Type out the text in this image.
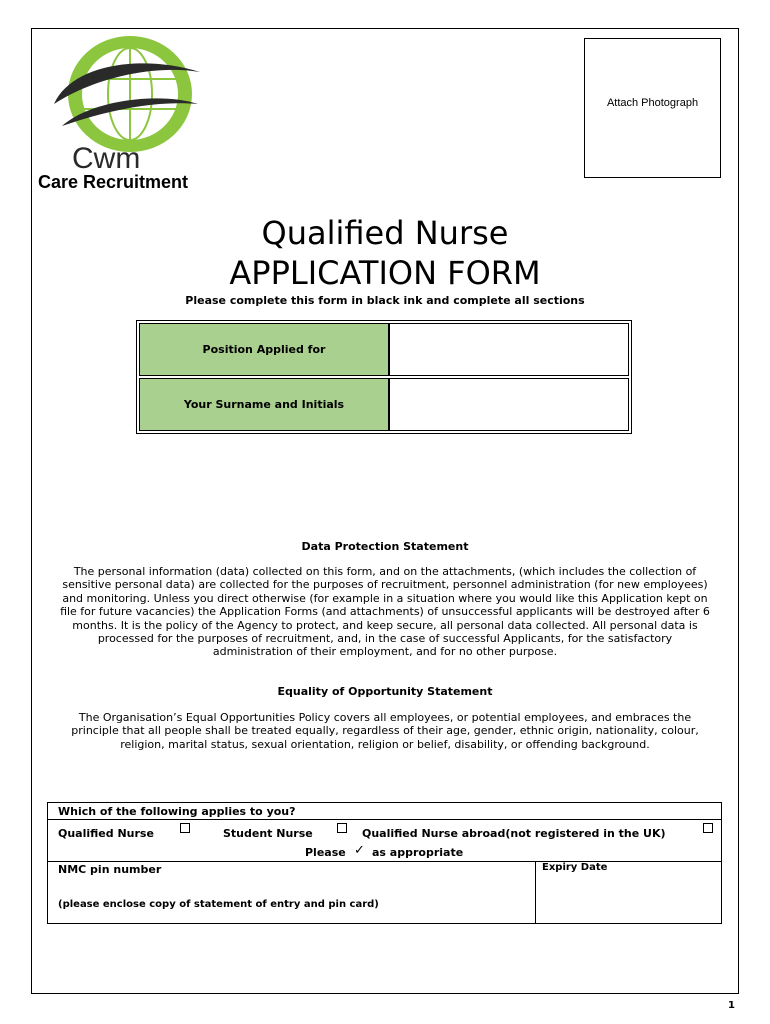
Cwm
Care Recruitment
Attach Photograph
Qualified Nurse
APPLICATION FORM
Please complete this form in black ink and complete all sections
Position Applied for
Your Surname and Initials
Data Protection Statement
The personal information (data) collected on this form, and on the attachments, (which includes the collection of
sensitive personal data) are collected for the purposes of recruitment, personnel administration (for new employees)
and monitoring. Unless you direct otherwise (for example in a situation where you would like this Application kept on
file for future vacancies) the Application Forms (and attachments) of unsuccessful applicants will be destroyed after 6
months. It is the policy of the Agency to protect, and keep secure, all personal data collected. All personal data is
processed for the purposes of recruitment, and, in the case of successful Applicants, for the satisfactory
administration of their employment, and for no other purpose.
Equality of Opportunity Statement
The Organisation’s Equal Opportunities Policy covers all employees, or potential employees, and embraces the
principle that all people shall be treated equally, regardless of their age, gender, ethnic origin, nationality, colour,
religion, marital status, sexual orientation, religion or belief, disability, or offending background.
Which of the following applies to you?
Qualified Nurse	Student Nurse	Qualified Nurse abroad(not registered in the UK)
Please ✓ as appropriate
NMC pin number	Expiry Date
(please enclose copy of statement of entry and pin card)
1
